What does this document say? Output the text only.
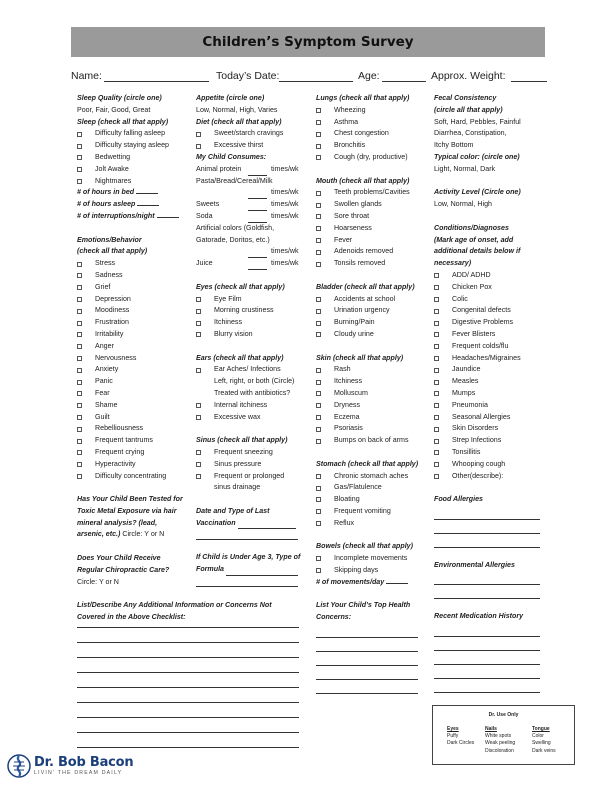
Children’s Symptom Survey
Name:	Today’s Date:	Age:	Approx. Weight:
Sleep Quality (circle one)
Poor, Fair, Good, Great
Sleep (check all that apply)
Difficulty falling asleep
Difficulty staying asleep
Bedwetting
Jolt Awake
Nightmares
# of hours in bed
# of hours asleep
# of interruptions/night
Emotions/Behavior
(check all that apply)
Stress
Sadness
Grief
Depression
Moodiness
Frustration
Irritability
Anger
Nervousness
Anxiety
Panic
Fear
Shame
Guilt
Rebelliousness
Frequent tantrums
Frequent crying
Hyperactivity
Difficulty concentrating
Has Your Child Been Tested for
Toxic Metal Exposure via hair
mineral analysis? (lead,
arsenic, etc.) Circle: Y or N
Does Your Child Receive
Regular Chiropractic Care?
Circle: Y or N
List/Describe Any Additional Information or Concerns Not
Covered in the Above Checklist:
Appetite (circle one)
Low, Normal, High, Varies
Diet (check all that apply)
Sweet/starch cravings
Excessive thirst
My Child Consumes:
Animal protein	times/wk
Pasta/Bread/Cereal/Milk
times/wk
Sweets	times/wk
Soda	times/wk
Artificial colors (Goldfish,
Gatorade, Doritos, etc.)
times/wk
Juice	times/wk
Eyes (check all that apply)
Eye Film
Morning crustiness
Itchiness
Blurry vision
Ears (check all that apply)
Ear Aches/ Infections
Left, right, or both (Circle)
Treated with antibiotics?
Internal itchiness
Excessive wax
Sinus (check all that apply)
Frequent sneezing
Sinus pressure
Frequent or prolonged
sinus drainage
Date and Type of Last
Vaccination
If Child is Under Age 3, Type of
Formula
Lungs (check all that apply)
Wheezing
Asthma
Chest congestion
Bronchitis
Cough (dry, productive)
Mouth (check all that apply)
Teeth problems/Cavities
Swollen glands
Sore throat
Hoarseness
Fever
Adenoids removed
Tonsils removed
Bladder (check all that apply)
Accidents at school
Urination urgency
Burning/Pain
Cloudy urine
Skin (check all that apply)
Rash
Itchiness
Molluscum
Dryness
Eczema
Psoriasis
Bumps on back of arms
Stomach (check all that apply)
Chronic stomach aches
Gas/Flatulence
Bloating
Frequent vomiting
Reflux
Bowels (check all that apply)
Incomplete movements
Skipping days
# of movements/day
List Your Child’s Top Health
Concerns:
Fecal Consistency
(circle all that apply)
Soft, Hard, Pebbles, Fainful
Diarrhea, Constipation,
Itchy Bottom
Typical color: (circle one)
Light, Normal, Dark
Activity Level (Circle one)
Low, Normal, High
Conditions/Diagnoses
(Mark age of onset, add
additional details below if
necessary)
ADD/ ADHD
Chicken Pox
Colic
Congenital defects
Digestive Problems
Fever Blisters
Frequent colds/flu
Headaches/Migraines
Jaundice
Measles
Mumps
Pneumonia
Seasonal Allergies
Skin Disorders
Strep Infections
Tonsillitis
Whooping cough
Other(describe):
Food Allergies
Environmental Allergies
Recent Medication History
Dr. Use Only
Eyes
Puffy
Dark Circles
Nails
White spots
Weak peeling
Discoloration
Tongue
Color
Swelling
Dark veins
Dr. Bob Bacon
LIVIN' THE DREAM DAILY
